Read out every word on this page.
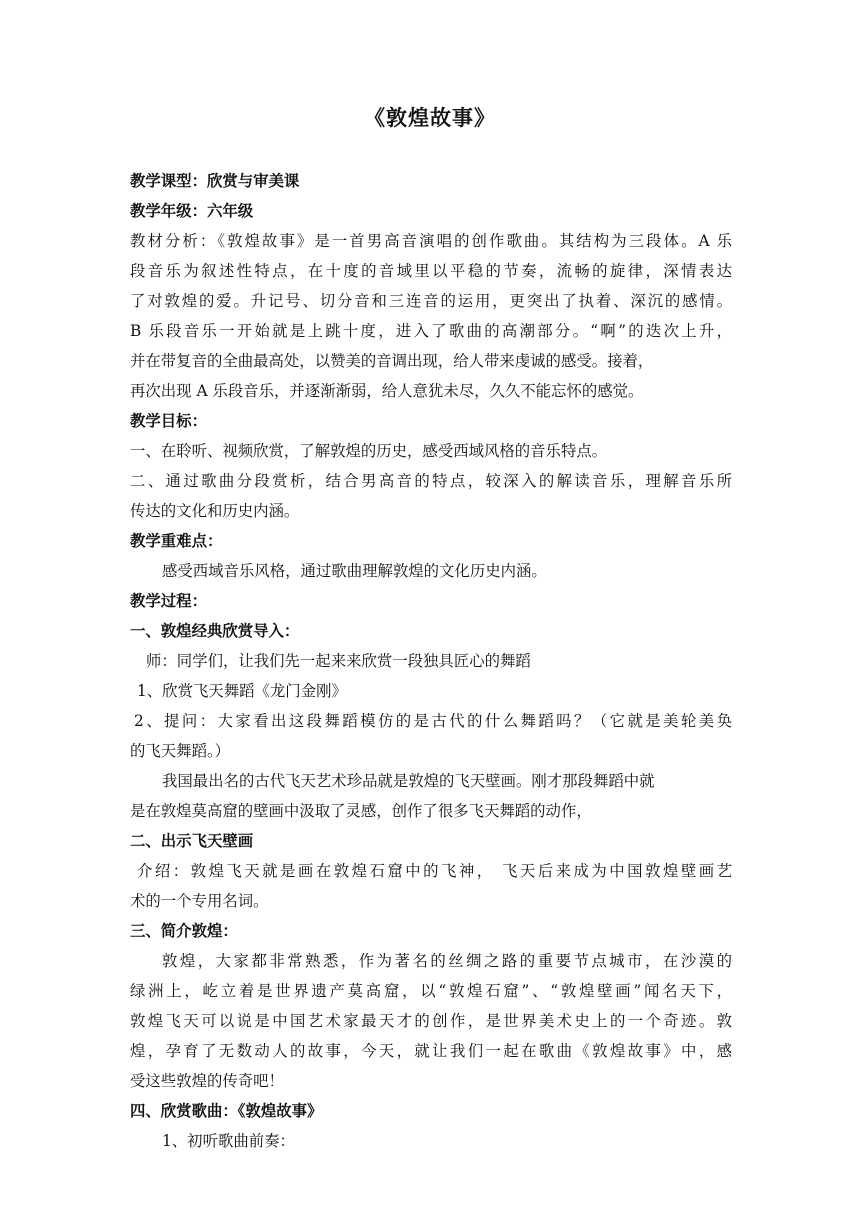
《敦煌故事》
教学课型：欣赏与审美课
教学年级：六年级
教材分析：《敦煌故事》是一首男高音演唱的创作歌曲。其结构为三段体。A 乐
段音乐为叙述性特点，在十度的音域里以平稳的节奏，流畅的旋律，深情表达
了对敦煌的爱。升记号、切分音和三连音的运用，更突出了执着、深沉的感情。
B 乐段音乐一开始就是上跳十度，进入了歌曲的高潮部分。“啊”的迭次上升，
并在带复音的全曲最高处，以赞美的音调出现，给人带来虔诚的感受。接着，
再次出现 A 乐段音乐，并逐渐渐弱，给人意犹未尽，久久不能忘怀的感觉。
教学目标：
一、在聆听、视频欣赏，了解敦煌的历史，感受西域风格的音乐特点。
二、通过歌曲分段赏析，结合男高音的特点，较深入的解读音乐，理解音乐所
传达的文化和历史内涵。
教学重难点：
感受西域音乐风格，通过歌曲理解敦煌的文化历史内涵。
教学过程：
一、敦煌经典欣赏导入：
师：同学们，让我们先一起来来欣赏一段独具匠心的舞蹈
1、欣赏飞天舞蹈《龙门金刚》
2、提问：大家看出这段舞蹈模仿的是古代的什么舞蹈吗？（它就是美轮美奂
的飞天舞蹈。）
我国最出名的古代飞天艺术珍品就是敦煌的飞天壁画。刚才那段舞蹈中就
是在敦煌莫高窟的壁画中汲取了灵感，创作了很多飞天舞蹈的动作，
二、出示飞天壁画
介绍：敦煌飞天就是画在敦煌石窟中的飞神， 飞天后来成为中国敦煌壁画艺
术的一个专用名词。
三、简介敦煌：
敦煌，大家都非常熟悉，作为著名的丝绸之路的重要节点城市，在沙漠的
绿洲上，屹立着是世界遗产莫高窟，以“敦煌石窟”、“敦煌壁画”闻名天下，
敦煌飞天可以说是中国艺术家最天才的创作，是世界美术史上的一个奇迹。敦
煌，孕育了无数动人的故事，今天，就让我们一起在歌曲《敦煌故事》中，感
受这些敦煌的传奇吧！
四、欣赏歌曲：《敦煌故事》
1、初听歌曲前奏：
